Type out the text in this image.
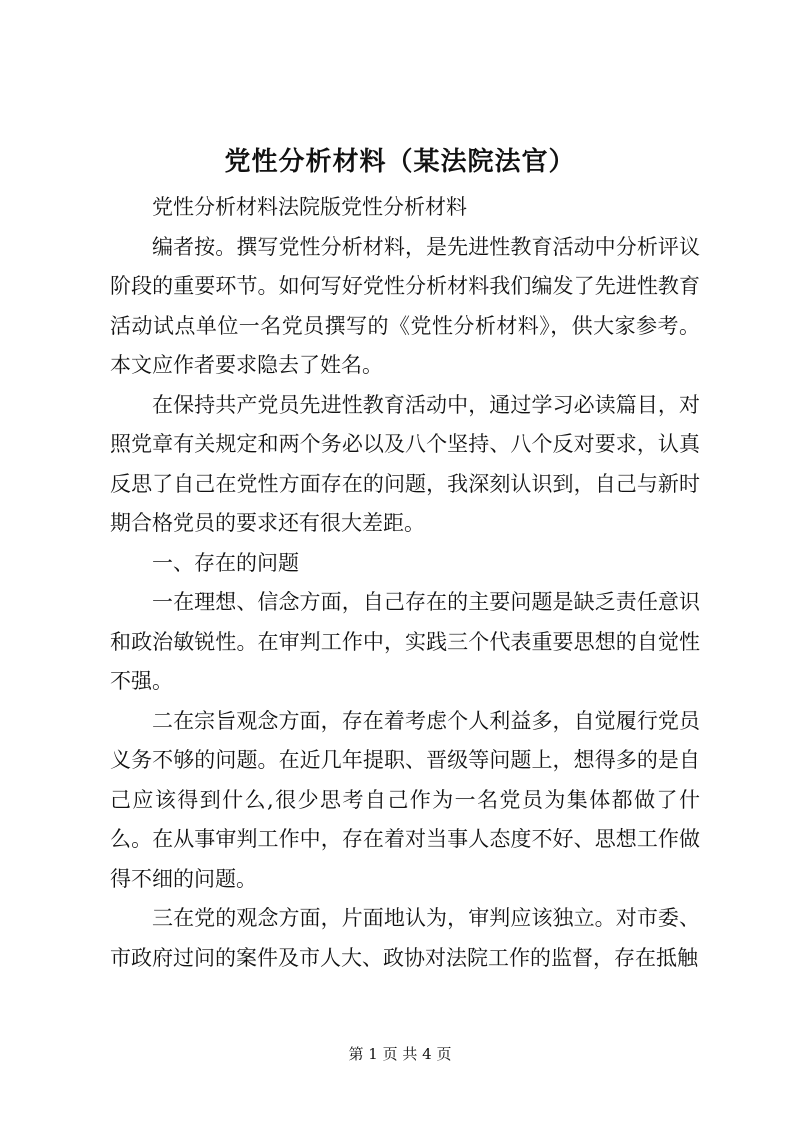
党性分析材料（某法院法官）

党性分析材料法院版党性分析材料

编者按。撰写党性分析材料，是先进性教育活动中分析评议阶段的重要环节。如何写好党性分析材料我们编发了先进性教育活动试点单位一名党员撰写的《党性分析材料》，供大家参考。本文应作者要求隐去了姓名。

在保持共产党员先进性教育活动中，通过学习必读篇目，对照党章有关规定和两个务必以及八个坚持、八个反对要求，认真反思了自己在党性方面存在的问题，我深刻认识到，自己与新时期合格党员的要求还有很大差距。

一、存在的问题

一在理想、信念方面，自己存在的主要问题是缺乏责任意识和政治敏锐性。在审判工作中，实践三个代表重要思想的自觉性不强。

二在宗旨观念方面，存在着考虑个人利益多，自觉履行党员义务不够的问题。在近几年提职、晋级等问题上，想得多的是自己应该得到什么,很少思考自己作为一名党员为集体都做了什么。在从事审判工作中，存在着对当事人态度不好、思想工作做得不细的问题。

三在党的观念方面，片面地认为，审判应该独立。对市委、市政府过问的案件及市人大、政协对法院工作的监督，存在抵触

第 1 页 共 4 页
